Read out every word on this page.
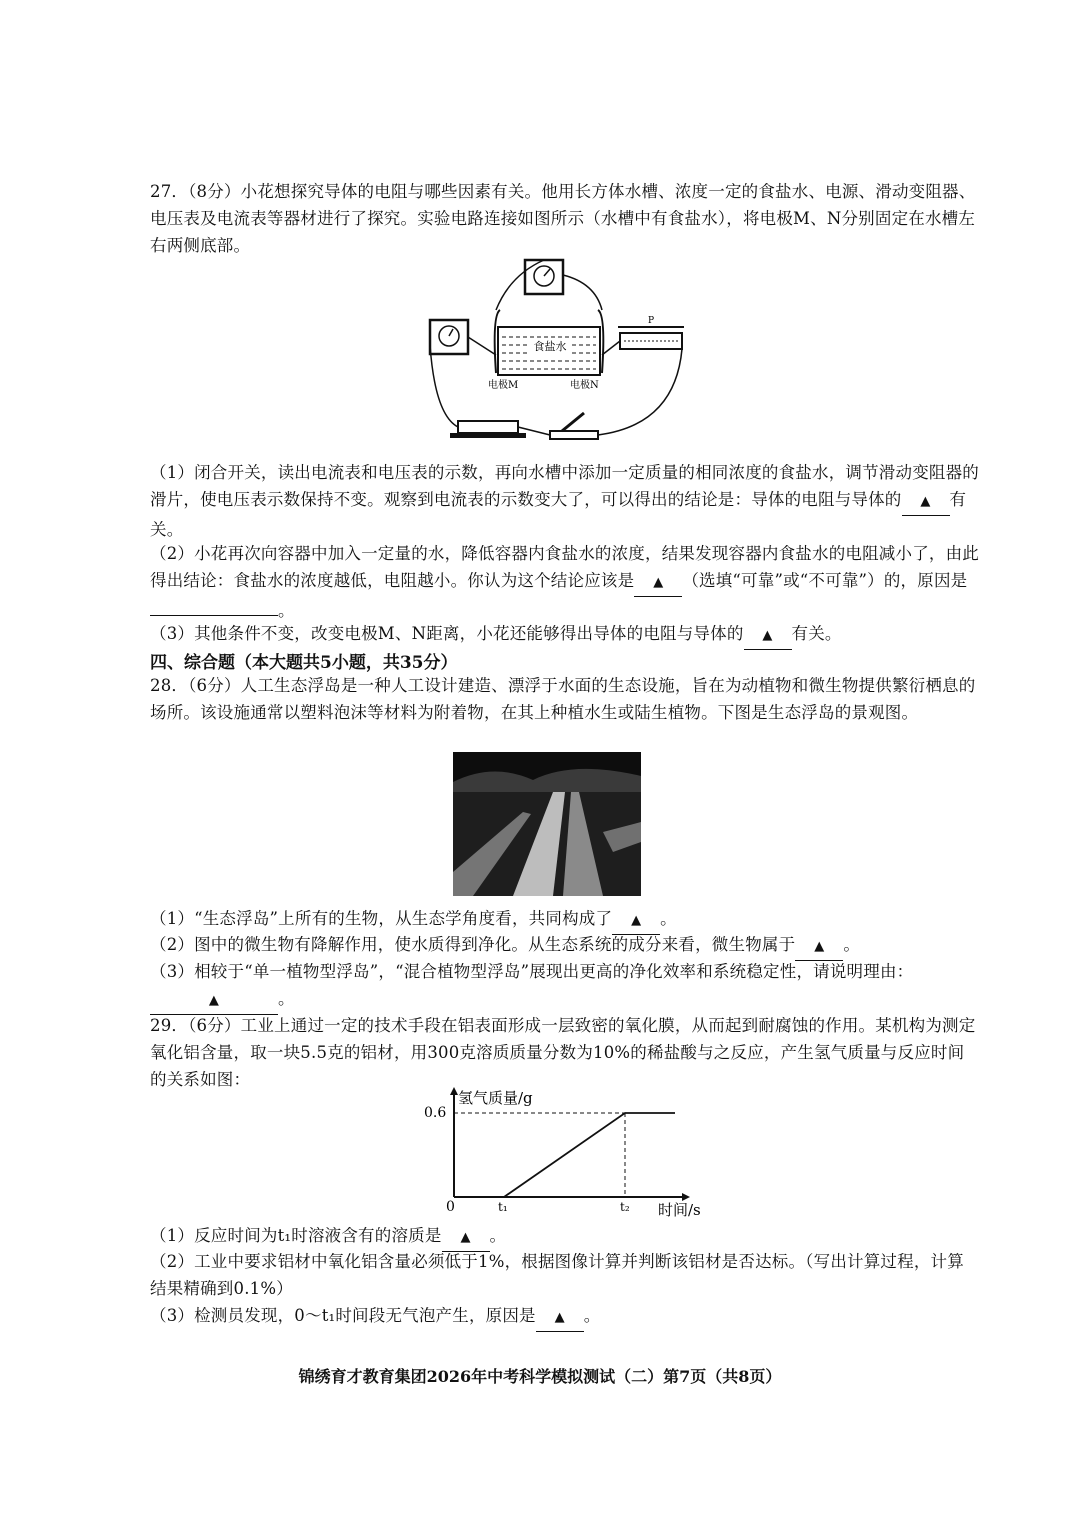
27．（8分）小花想探究导体的电阻与哪些因素有关。他用长方体水槽、浓度一定的食盐水、电源、滑动变阻器、电压表及电流表等器材进行了探究。实验电路连接如图所示（水槽中有食盐水），将电极M、N分别固定在水槽左右两侧底部。
食盐水
电极M	电极N
P
（1）闭合开关，读出电流表和电压表的示数，再向水槽中添加一定质量的相同浓度的食盐水，调节滑动变阻器的滑片，使电压表示数保持不变。观察到电流表的示数变大了，可以得出的结论是：导体的电阻与导体的 ▲ 有关。
（2）小花再次向容器中加入一定量的水，降低容器内食盐水的浓度，结果发现容器内食盐水的电阻减小了，由此得出结论：食盐水的浓度越低，电阻越小。你认为这个结论应该是 ▲ （选填“可靠”或“不可靠”）的，原因是。
（3）其他条件不变，改变电极M、N距离，小花还能够得出导体的电阻与导体的 ▲ 有关。
四、综合题（本大题共5小题，共35分）
28．（6分）人工生态浮岛是一种人工设计建造、漂浮于水面的生态设施，旨在为动植物和微生物提供繁衍栖息的场所。该设施通常以塑料泡沫等材料为附着物，在其上种植水生或陆生植物。下图是生态浮岛的景观图。
（1）“生态浮岛”上所有的生物，从生态学角度看，共同构成了 ▲ 。
（2）图中的微生物有降解作用，使水质得到净化。从生态系统的成分来看，微生物属于 ▲ 。
（3）相较于“单一植物型浮岛”，“混合植物型浮岛”展现出更高的净化效率和系统稳定性，请说明理由：▲	。
29．（6分）工业上通过一定的技术手段在铝表面形成一层致密的氧化膜，从而起到耐腐蚀的作用。某机构为测定氧化铝含量，取一块5.5克的铝材，用300克溶质质量分数为10%的稀盐酸与之反应，产生氢气质量与反应时间的关系如图：
氢气质量/g
时间/s
0
0.6
t₁	t₂
（1）反应时间为t₁时溶液含有的溶质是 ▲ 。
（2）工业中要求铝材中氧化铝含量必须低于1%，根据图像计算并判断该铝材是否达标。（写出计算过程，计算结果精确到0.1%）
（3）检测员发现，0～t₁时间段无气泡产生，原因是 ▲ 。
锦绣育才教育集团2026年中考科学模拟测试（二）第7页（共8页）
